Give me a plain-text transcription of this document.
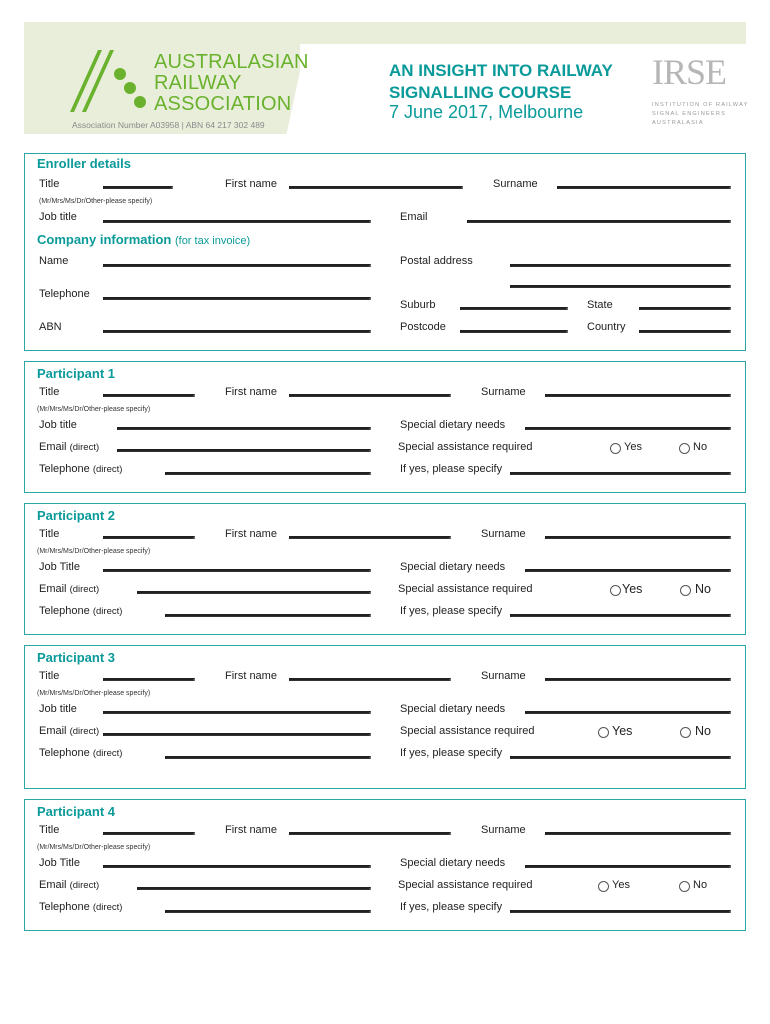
AUSTRALASIAN
RAILWAY
ASSOCIATION
Association Number A03958 | ABN 64 217 302 489
AN INSIGHT INTO RAILWAY
SIGNALLING COURSE
7 June 2017, Melbourne
IRSE
INSTITUTION OF RAILWAY
SIGNAL ENGINEERS
AUSTRALASIA
Enroller details
Title
(Mr/Mrs/Ms/Dr/Other-please specify)
First name	Surname
Job title	Email
Company information (for tax invoice)
Name	Postal address
Telephone
Suburb	State
ABN	Postcode	Country
Participant 1
Title
(Mr/Mrs/Ms/Dr/Other-please specify)
First name	Surname
Job title	Special dietary needs
Email (direct)	Special assistance required	Yes	No
Telephone (direct)	If yes, please specify
Participant 2
Title
(Mr/Mrs/Ms/Dr/Other-please specify)
First name	Surname
Job Title	Special dietary needs
Email (direct)	Special assistance required	Yes	No
Telephone (direct)	If yes, please specify
Participant 3
Title
(Mr/Mrs/Ms/Dr/Other-please specify)
First name	Surname
Job title	Special dietary needs
Email (direct)	Special assistance required	Yes	No
Telephone (direct)	If yes, please specify
Participant 4
Title
(Mr/Mrs/Ms/Dr/Other-please specify)
First name	Surname
Job Title	Special dietary needs
Email (direct)	Special assistance required	Yes	No
Telephone (direct)	If yes, please specify
